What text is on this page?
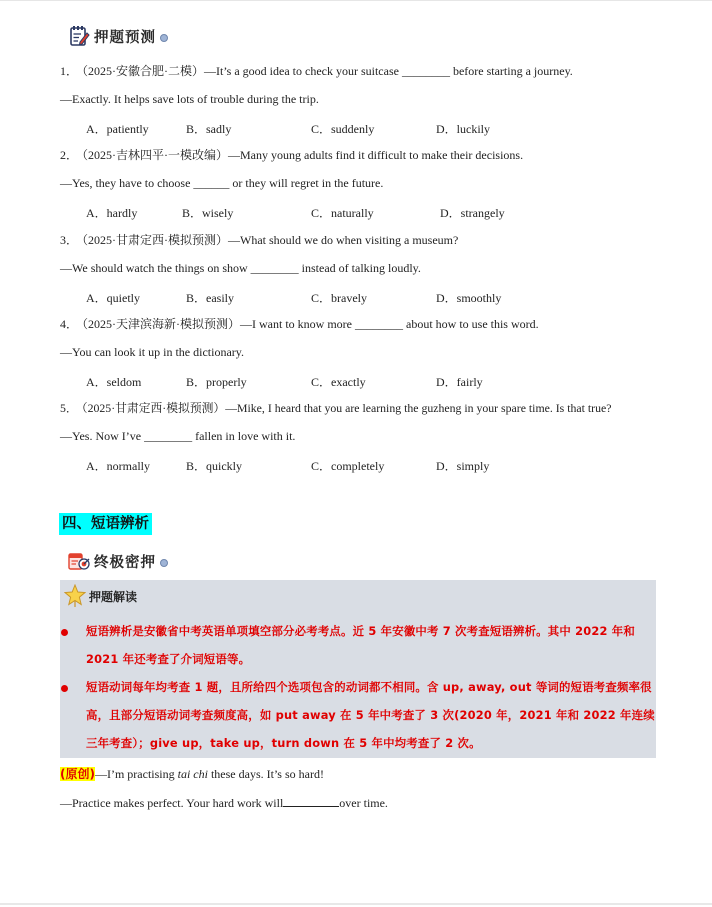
押题预测
1． （2025·安徽合肥·二模）—It’s a good idea to check your suitcase ________ before starting a journey.
—Exactly. It helps save lots of trouble during the trip.
A．patiently	B．sadly	C．suddenly	D．luckily
2． （2025·吉林四平·一模改编）—Many young adults find it difficult to make their decisions.
—Yes, they have to choose ______ or they will regret in the future.
A．hardly	B．wisely	C．naturally	D．strangely
3． （2025·甘肃定西·模拟预测）—What should we do when visiting a museum?
—We should watch the things on show ________ instead of talking loudly.
A．quietly	B．easily	C．bravely	D．smoothly
4． （2025·天津滨海新·模拟预测）—I want to know more ________ about how to use this word.
—You can look it up in the dictionary.
A．seldom	B．properly	C．exactly	D．fairly
5． （2025·甘肃定西·模拟预测）—Mike, I heard that you are learning the guzheng in your spare time. Is that true?
—Yes. Now I’ve ________ fallen in love with it.
A．normally	B．quickly	C．completely	D．simply
四、短语辨析
终极密押
押题解读
短语辨析是安徽省中考英语单项填空部分必考考点。近 5 年安徽中考 7 次考查短语辨析。其中 2022 年和 2021 年还考查了介词短语等。
短语动词每年均考查 1 题，且所给四个选项包含的动词都不相同。含 up, away, out 等词的短语考查频率很高，且部分短语动词考查频度高，如 put away 在 5 年中考查了 3 次(2020 年，2021 年和 2022 年连续三年考查）；give up，take up，turn down 在 5 年中均考查了 2 次。
(原创)—I’m practising tai chi these days. It’s so hard!
—Practice makes perfect. Your hard work will	over time.
